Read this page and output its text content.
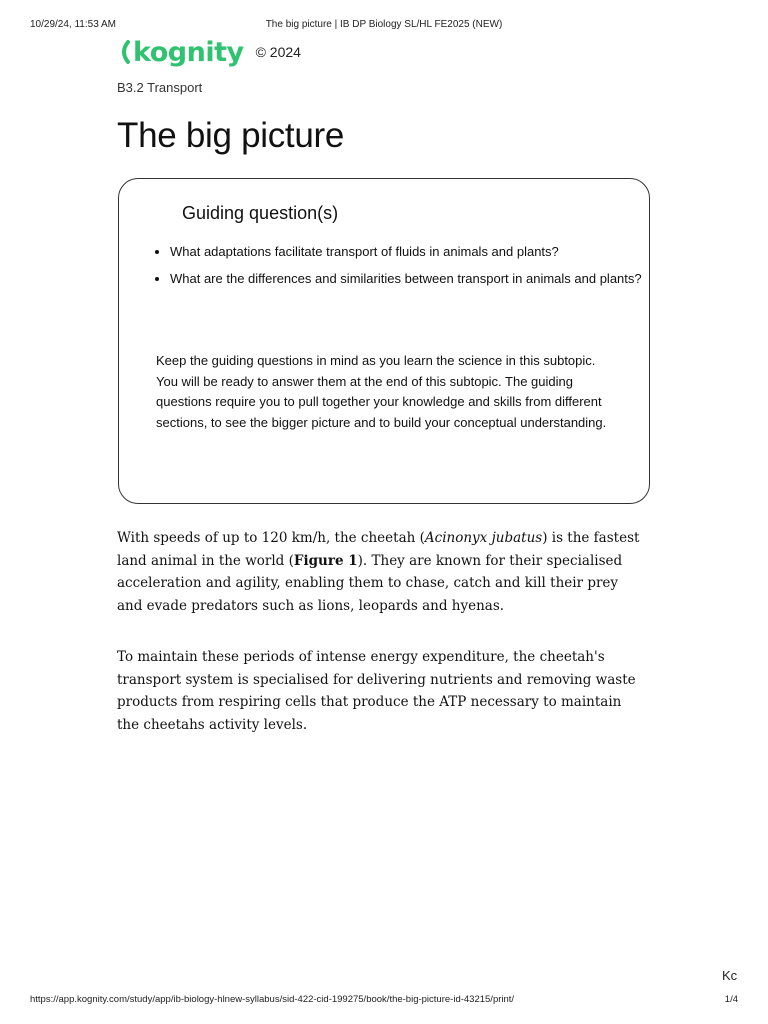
10/29/24, 11:53 AM	The big picture | IB DP Biology SL/HL FE2025 (NEW)
kognity © 2024
B3.2 Transport
The big picture
Guiding question(s)
• What adaptations facilitate transport of fluids in animals and plants?
• What are the differences and similarities between transport in animals and plants?

Keep the guiding questions in mind as you learn the science in this subtopic. You will be ready to answer them at the end of this subtopic. The guiding questions require you to pull together your knowledge and skills from different sections, to see the bigger picture and to build your conceptual understanding.

With speeds of up to 120 km/h, the cheetah (Acinonyx jubatus) is the fastest land animal in the world (Figure 1). They are known for their specialised acceleration and agility, enabling them to chase, catch and kill their prey and evade predators such as lions, leopards and hyenas.

To maintain these periods of intense energy expenditure, the cheetah's transport system is specialised for delivering nutrients and removing waste products from respiring cells that produce the ATP necessary to maintain the cheetahs activity levels.

Kc
https://app.kognity.com/study/app/ib-biology-hlnew-syllabus/sid-422-cid-199275/book/the-big-picture-id-43215/print/	1/4
